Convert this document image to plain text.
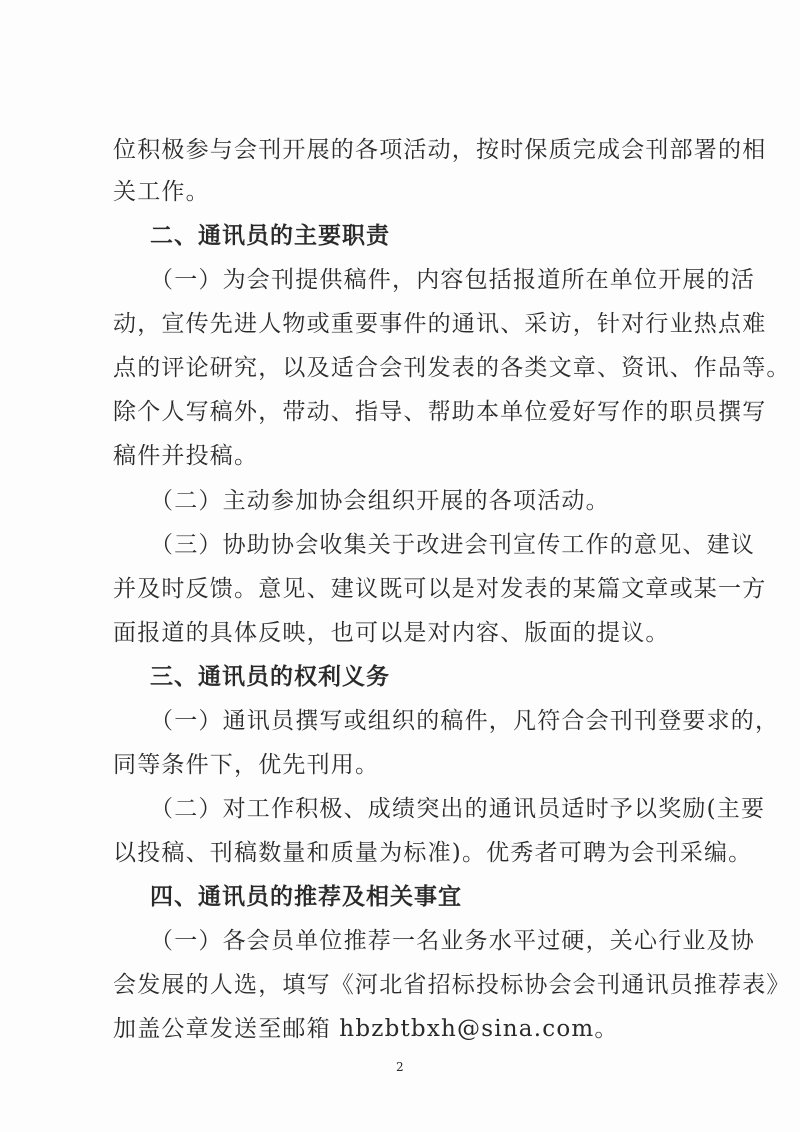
位积极参与会刊开展的各项活动，按时保质完成会刊部署的相
关工作。
二、通讯员的主要职责
（一）为会刊提供稿件，内容包括报道所在单位开展的活
动，宣传先进人物或重要事件的通讯、采访，针对行业热点难
点的评论研究，以及适合会刊发表的各类文章、资讯、作品等。
除个人写稿外，带动、指导、帮助本单位爱好写作的职员撰写
稿件并投稿。
（二）主动参加协会组织开展的各项活动。
（三）协助协会收集关于改进会刊宣传工作的意见、建议
并及时反馈。意见、建议既可以是对发表的某篇文章或某一方
面报道的具体反映，也可以是对内容、版面的提议。
三、通讯员的权利义务
（一）通讯员撰写或组织的稿件，凡符合会刊刊登要求的，
同等条件下，优先刊用。
（二）对工作积极、成绩突出的通讯员适时予以奖励(主要
以投稿、刊稿数量和质量为标准)。优秀者可聘为会刊采编。
四、通讯员的推荐及相关事宜
（一）各会员单位推荐一名业务水平过硬，关心行业及协
会发展的人选，填写《河北省招标投标协会会刊通讯员推荐表》
加盖公章发送至邮箱 hbzbtbxh@sina.com。
2
